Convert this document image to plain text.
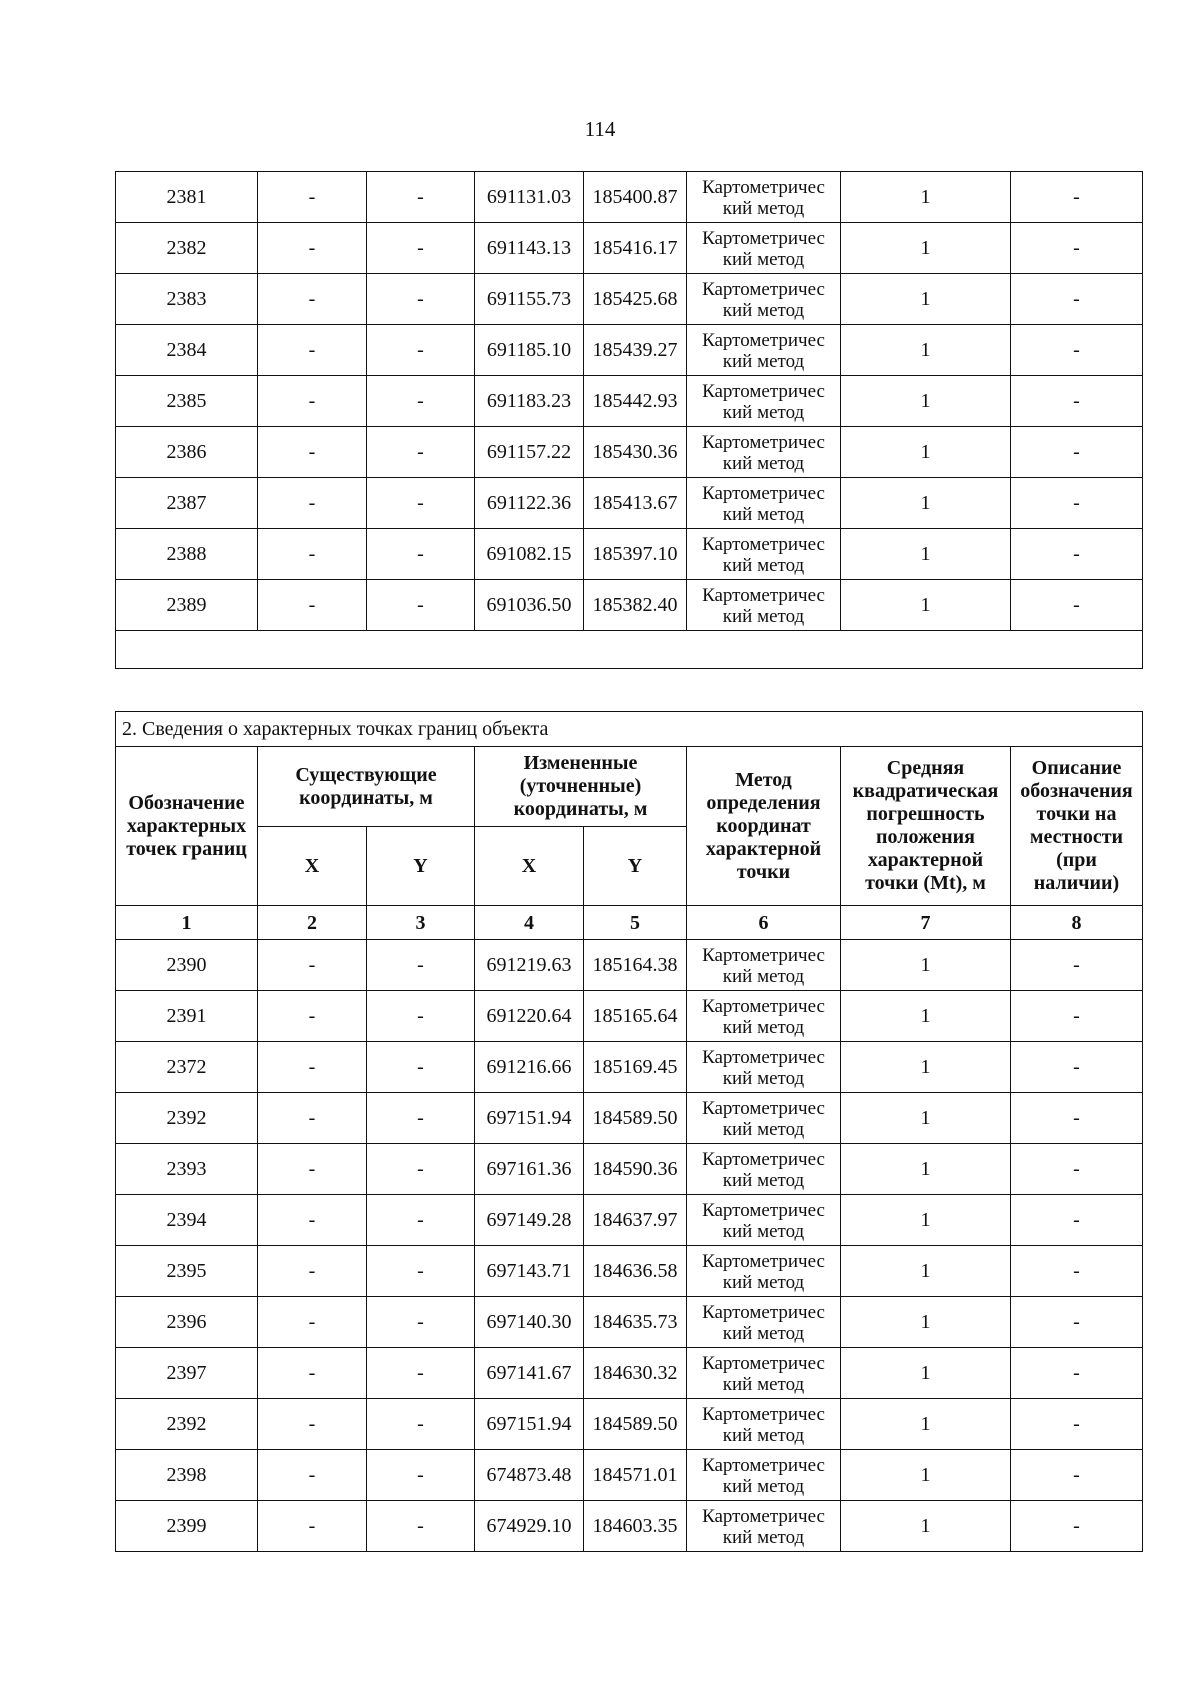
114
2381	-	-	691131.03	185400.87	Картометричес
кий метод	1	-
2382	-	-	691143.13	185416.17	Картометричес
кий метод	1	-
2383	-	-	691155.73	185425.68	Картометричес
кий метод	1	-
2384	-	-	691185.10	185439.27	Картометричес
кий метод	1	-
2385	-	-	691183.23	185442.93	Картометричес
кий метод	1	-
2386	-	-	691157.22	185430.36	Картометричес
кий метод	1	-
2387	-	-	691122.36	185413.67	Картометричес
кий метод	1	-
2388	-	-	691082.15	185397.10	Картометричес
кий метод	1	-
2389	-	-	691036.50	185382.40	Картометричес
кий метод	1	-

2. Сведения о характерных точках границ объекта							
Обозначение характерных точек границ	Существующие координаты, м		Измененные (уточненные) координаты, м		Метод определения координат характерной точки	Средняя квадратическая погрешность положения характерной точки (Mt), м	Описание обозначения точки на местности (при наличии)
	X	Y	X	Y			
1	2	3	4	5	6	7	8
2390	-	-	691219.63	185164.38	Картометричес
кий метод	1	-
2391	-	-	691220.64	185165.64	Картометричес
кий метод	1	-
2372	-	-	691216.66	185169.45	Картометричес
кий метод	1	-
2392	-	-	697151.94	184589.50	Картометричес
кий метод	1	-
2393	-	-	697161.36	184590.36	Картометричес
кий метод	1	-
2394	-	-	697149.28	184637.97	Картометричес
кий метод	1	-
2395	-	-	697143.71	184636.58	Картометричес
кий метод	1	-
2396	-	-	697140.30	184635.73	Картометричес
кий метод	1	-
2397	-	-	697141.67	184630.32	Картометричес
кий метод	1	-
2392	-	-	697151.94	184589.50	Картометричес
кий метод	1	-
2398	-	-	674873.48	184571.01	Картометричес
кий метод	1	-
2399	-	-	674929.10	184603.35	Картометричес
кий метод	1	-
